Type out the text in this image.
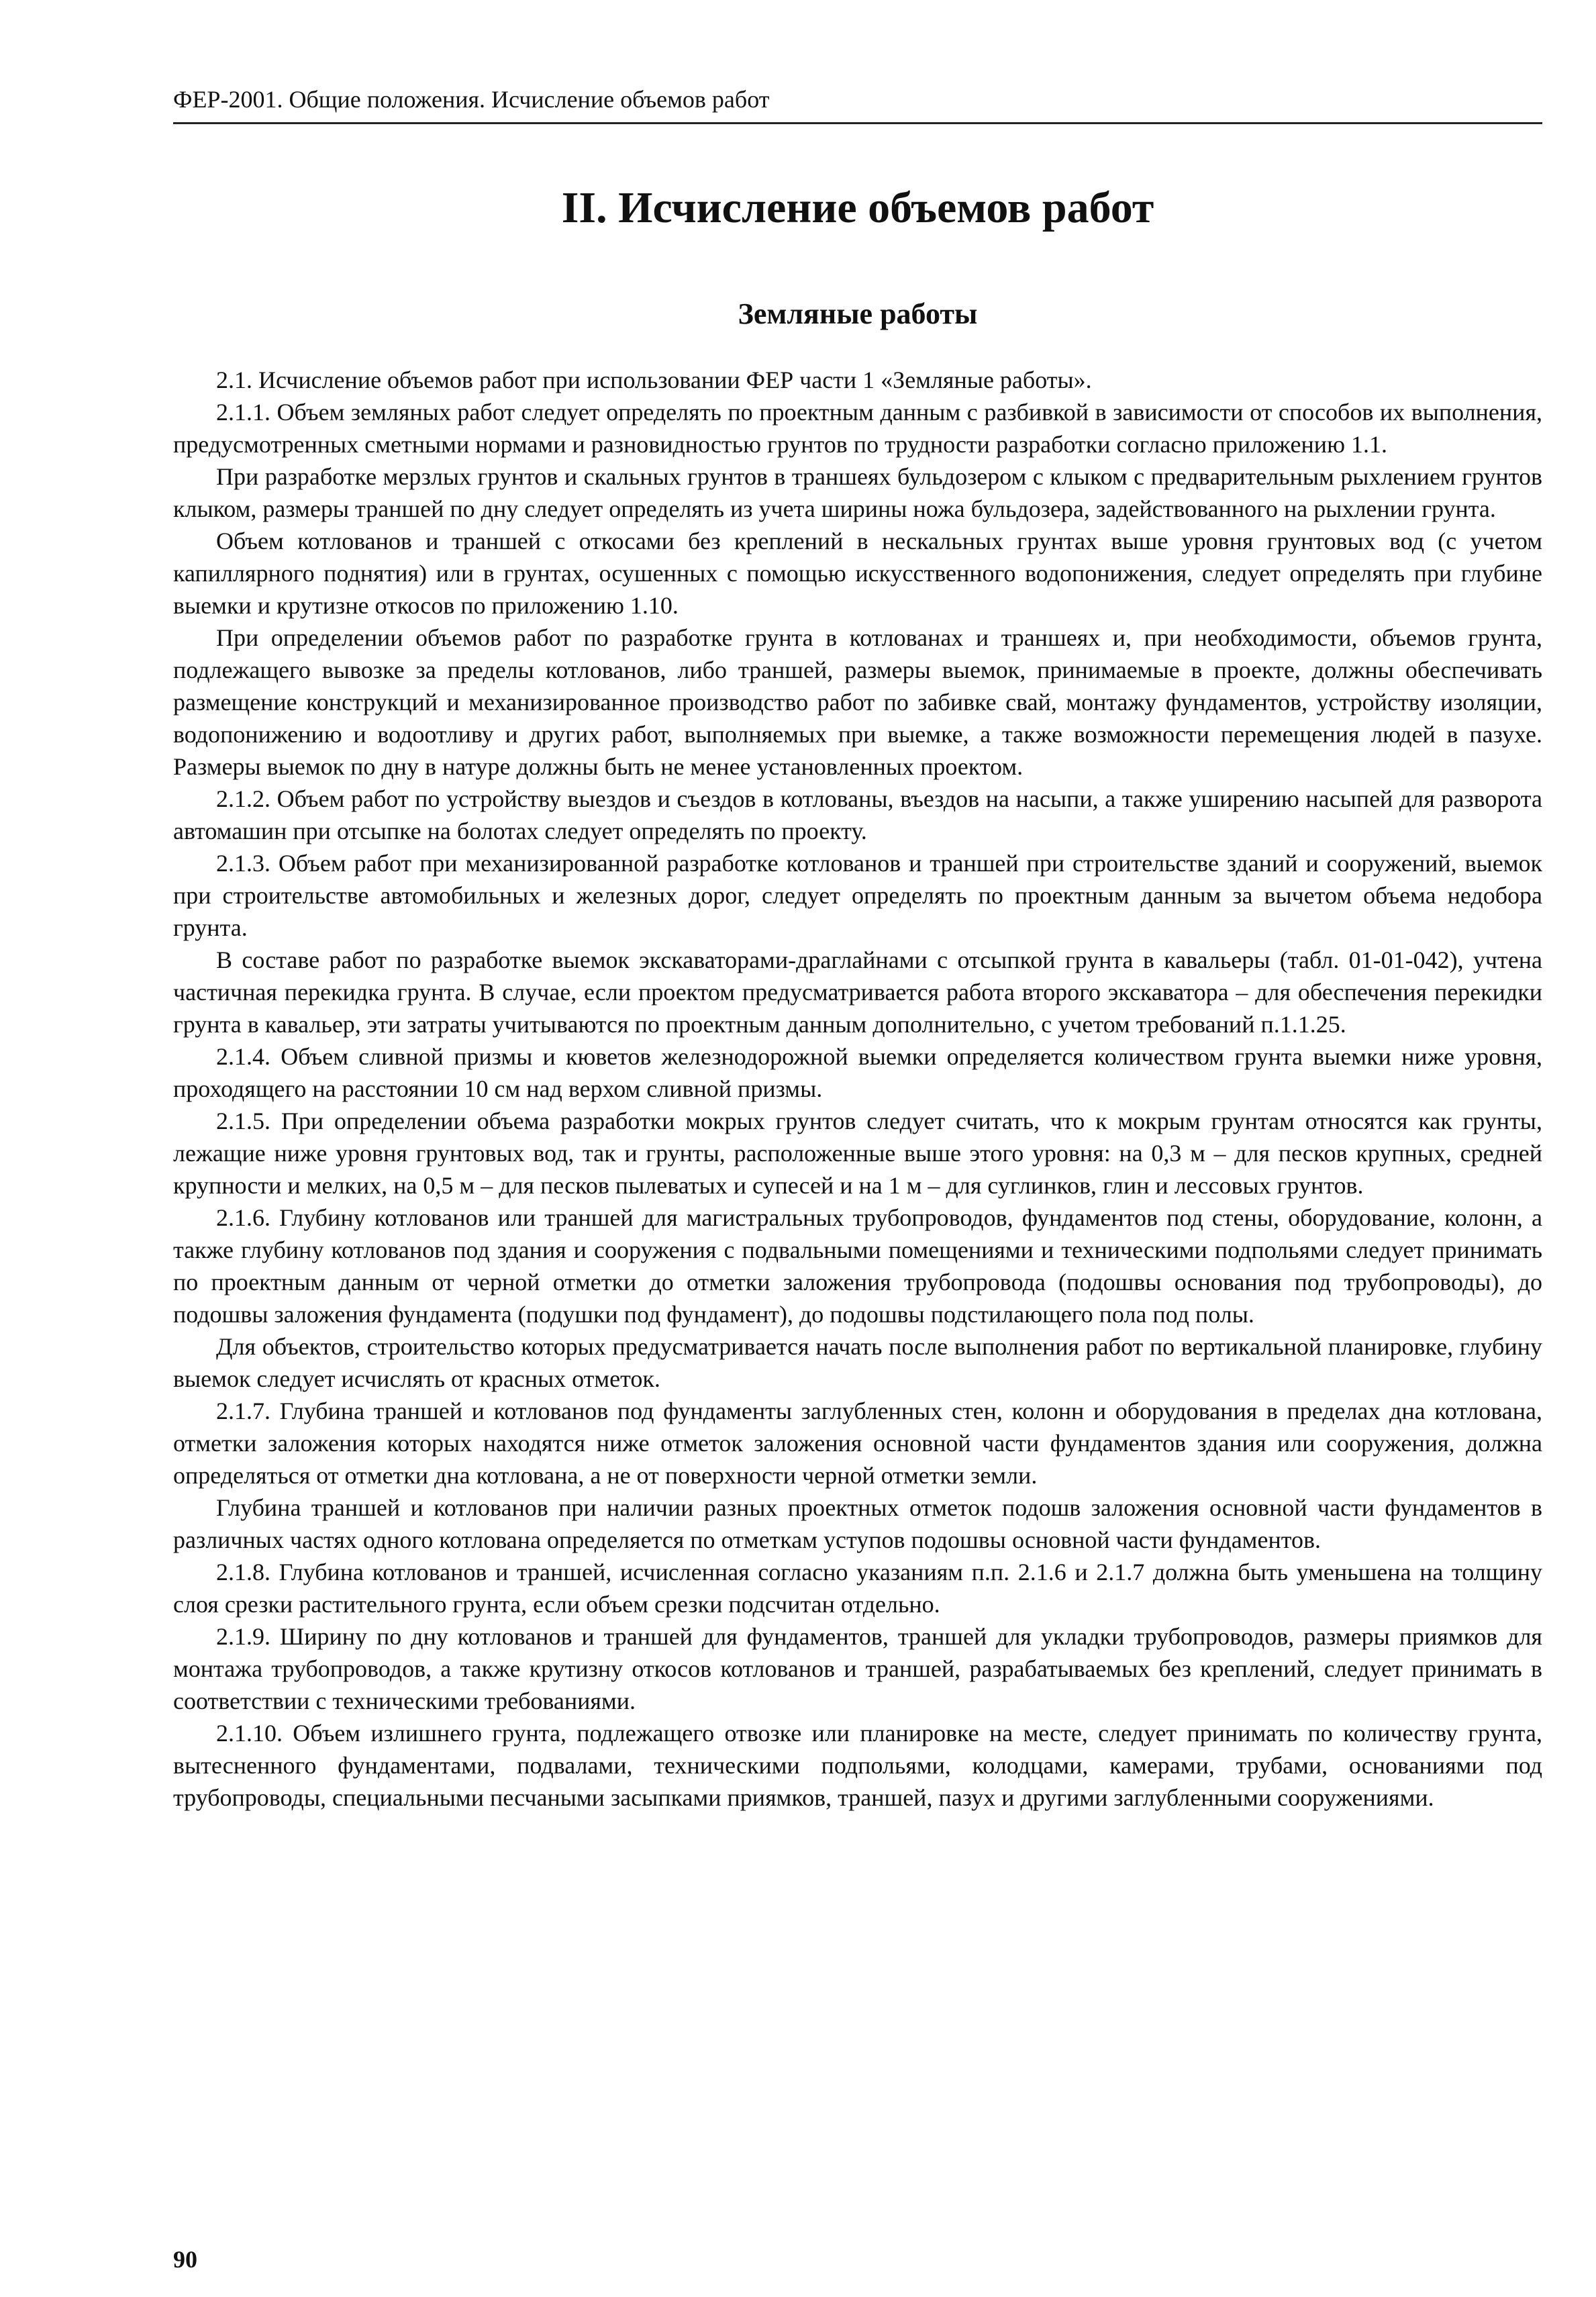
ФЕР-2001. Общие положения. Исчисление объемов работ
II. Исчисление объемов работ
Земляные работы

2.1. Исчисление объемов работ при использовании ФЕР части 1 «Земляные работы».

2.1.1. Объем земляных работ следует определять по проектным данным с разбивкой в зависимости от способов их выполнения, предусмотренных сметными нормами и разновидностью грунтов по трудности разработки согласно приложению 1.1.

При разработке мерзлых грунтов и скальных грунтов в траншеях бульдозером с клыком с предварительным рыхлением грунтов клыком, размеры траншей по дну следует определять из учета ширины ножа бульдозера, задействованного на рыхлении грунта.

Объем котлованов и траншей с откосами без креплений в нескальных грунтах выше уровня грунтовых вод (с учетом капиллярного поднятия) или в грунтах, осушенных с помощью искусственного водопонижения, следует определять при глубине выемки и крутизне откосов по приложению 1.10.

При определении объемов работ по разработке грунта в котлованах и траншеях и, при необходимости, объемов грунта, подлежащего вывозке за пределы котлованов, либо траншей, размеры выемок, принимаемые в проекте, должны обеспечивать размещение конструкций и механизированное производство работ по забивке свай, монтажу фундаментов, устройству изоляции, водопонижению и водоотливу и других работ, выполняемых при выемке, а также возможности перемещения людей в пазухе. Размеры выемок по дну в натуре должны быть не менее установленных проектом.

2.1.2. Объем работ по устройству выездов и съездов в котлованы, въездов на насыпи, а также уширению насыпей для разворота автомашин при отсыпке на болотах следует определять по проекту.

2.1.3. Объем работ при механизированной разработке котлованов и траншей при строительстве зданий и сооружений, выемок при строительстве автомобильных и железных дорог, следует определять по проектным данным за вычетом объема недобора грунта.

В составе работ по разработке выемок экскаваторами-драглайнами с отсыпкой грунта в кавальеры (табл. 01-01-042), учтена частичная перекидка грунта. В случае, если проектом предусматривается работа второго экскаватора – для обеспечения перекидки грунта в кавальер, эти затраты учитываются по проектным данным дополнительно, с учетом требований п.1.1.25.

2.1.4. Объем сливной призмы и кюветов железнодорожной выемки определяется количеством грунта выемки ниже уровня, проходящего на расстоянии 10 см над верхом сливной призмы.

2.1.5. При определении объема разработки мокрых грунтов следует считать, что к мокрым грунтам относятся как грунты, лежащие ниже уровня грунтовых вод, так и грунты, расположенные выше этого уровня: на 0,3 м – для песков крупных, средней крупности и мелких, на 0,5 м – для песков пылеватых и супесей и на 1 м – для суглинков, глин и лессовых грунтов.

2.1.6. Глубину котлованов или траншей для магистральных трубопроводов, фундаментов под стены, оборудование, колонн, а также глубину котлованов под здания и сооружения с подвальными помещениями и техническими подпольями следует принимать по проектным данным от черной отметки до отметки заложения трубопровода (подошвы основания под трубопроводы), до подошвы заложения фундамента (подушки под фундамент), до подошвы подстилающего пола под полы.

Для объектов, строительство которых предусматривается начать после выполнения работ по вертикальной планировке, глубину выемок следует исчислять от красных отметок.

2.1.7. Глубина траншей и котлованов под фундаменты заглубленных стен, колонн и оборудования в пределах дна котлована, отметки заложения которых находятся ниже отметок заложения основной части фундаментов здания или сооружения, должна определяться от отметки дна котлована, а не от поверхности черной отметки земли.

Глубина траншей и котлованов при наличии разных проектных отметок подошв заложения основной части фундаментов в различных частях одного котлована определяется по отметкам уступов подошвы основной части фундаментов.

2.1.8. Глубина котлованов и траншей, исчисленная согласно указаниям п.п. 2.1.6 и 2.1.7 должна быть уменьшена на толщину слоя срезки растительного грунта, если объем срезки подсчитан отдельно.

2.1.9. Ширину по дну котлованов и траншей для фундаментов, траншей для укладки трубопроводов, размеры приямков для монтажа трубопроводов, а также крутизну откосов котлованов и траншей, разрабатываемых без креплений, следует принимать в соответствии с техническими требованиями.

2.1.10. Объем излишнего грунта, подлежащего отвозке или планировке на месте, следует принимать по количеству грунта, вытесненного фундаментами, подвалами, техническими подпольями, колодцами, камерами, трубами, основаниями под трубопроводы, специальными песчаными засыпками приямков, траншей, пазух и другими заглубленными сооружениями.

90
